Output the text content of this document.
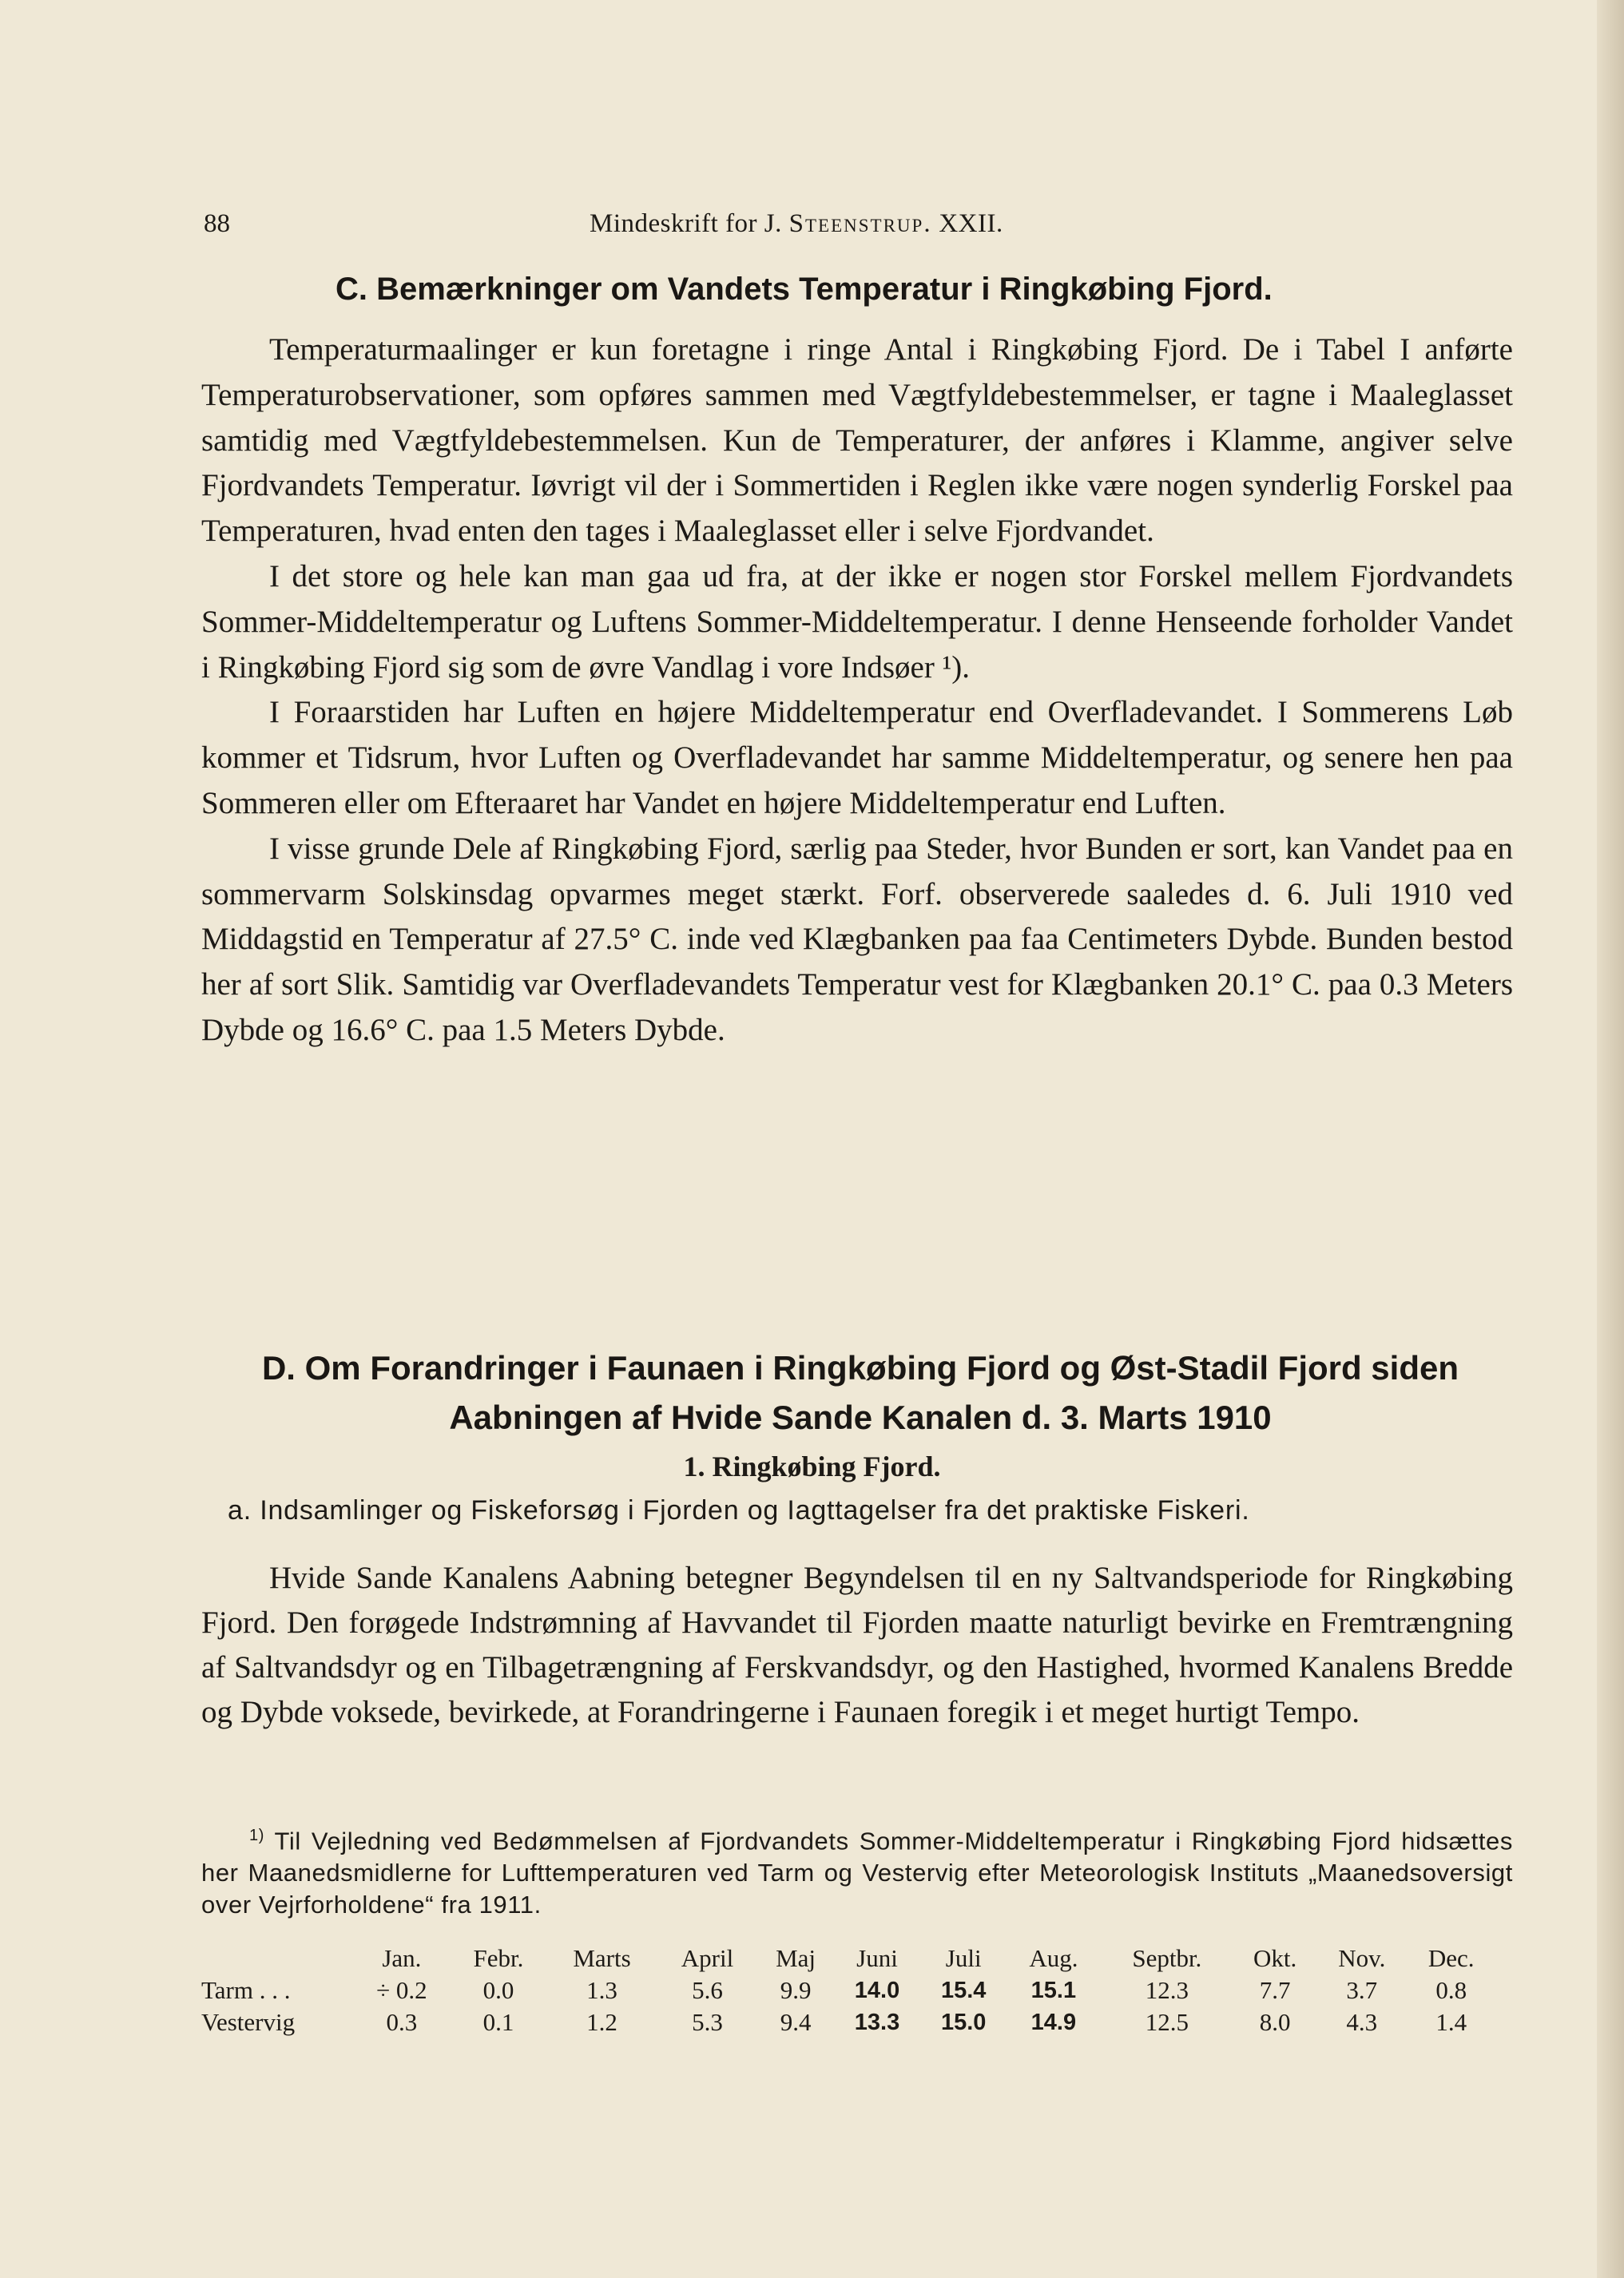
88	Mindeskrift for J. Steenstrup. XXII.
C. Bemærkninger om Vandets Temperatur i Ringkøbing Fjord.

Temperaturmaalinger er kun foretagne i ringe Antal i Ringkøbing Fjord. De i Tabel I anførte Temperaturobservationer, som opføres sammen med Vægtfyldebestemmelser, er tagne i Maaleglasset samtidig med Vægtfyldebestemmelsen. Kun de Temperaturer, der anføres i Klamme, angiver selve Fjordvandets Temperatur. Iøvrigt vil der i Sommertiden i Reglen ikke være nogen synderlig Forskel paa Temperaturen, hvad enten den tages i Maaleglasset eller i selve Fjordvandet.

I det store og hele kan man gaa ud fra, at der ikke er nogen stor Forskel mellem Fjordvandets Sommer-Middeltemperatur og Luftens Sommer-Middeltemperatur. I denne Henseende forholder Vandet i Ringkøbing Fjord sig som de øvre Vandlag i vore Indsøer ¹).

I Foraarstiden har Luften en højere Middeltemperatur end Overfladevandet. I Sommerens Løb kommer et Tidsrum, hvor Luften og Overfladevandet har samme Middeltemperatur, og senere hen paa Sommeren eller om Efteraaret har Vandet en højere Middeltemperatur end Luften.

I visse grunde Dele af Ringkøbing Fjord, særlig paa Steder, hvor Bunden er sort, kan Vandet paa en sommervarm Solskinsdag opvarmes meget stærkt. Forf. observerede saaledes d. 6. Juli 1910 ved Middagstid en Temperatur af 27.5° C. inde ved Klægbanken paa faa Centimeters Dybde. Bunden bestod her af sort Slik. Samtidig var Overfladevandets Temperatur vest for Klægbanken 20.1° C. paa 0.3 Meters Dybde og 16.6° C. paa 1.5 Meters Dybde.

D. Om Forandringer i Faunaen i Ringkøbing Fjord og Øst-Stadil Fjord siden
Aabningen af Hvide Sande Kanalen d. 3. Marts 1910
1. Ringkøbing Fjord.
a. Indsamlinger og Fiskeforsøg i Fjorden og Iagttagelser fra det praktiske Fiskeri.

Hvide Sande Kanalens Aabning betegner Begyndelsen til en ny Saltvandsperiode for Ringkøbing Fjord. Den forøgede Indstrømning af Havvandet til Fjorden maatte naturligt bevirke en Fremtrængning af Saltvandsdyr og en Tilbagetrængning af Ferskvandsdyr, og den Hastighed, hvormed Kanalens Bredde og Dybde voksede, bevirkede, at Forandringerne i Faunaen foregik i et meget hurtigt Tempo.

$^{1)}$ Til Vejledning ved Bedømmelsen af Fjordvandets Sommer-Middeltemperatur i Ringkøbing Fjord hidsættes her Maanedsmidlerne for Lufttemperaturen ved Tarm og Vestervig efter Meteorologisk Instituts „Maanedsoversigt over Vejrforholdene“ fra 1911.

	Jan.	Febr.	Marts	April	Maj	Juni	Juli	Aug.	Septbr.	Okt.	Nov.	Dec.
Tarm . . .	÷ 0.2	0.0	1.3	5.6	9.9	14.0	15.4	15.1	12.3	7.7	3.7	0.8
Vestervig	0.3	0.1	1.2	5.3	9.4	13.3	15.0	14.9	12.5	8.0	4.3	1.4
